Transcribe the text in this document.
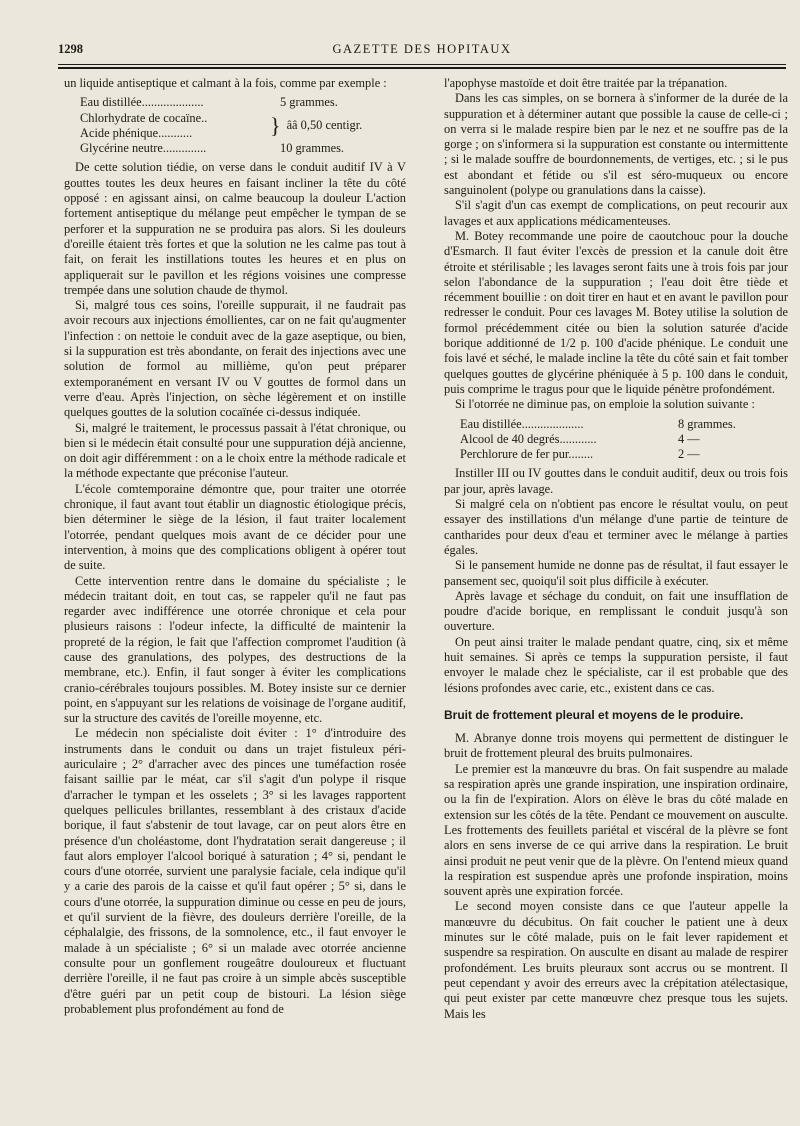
1298	GAZETTE DES HOPITAUX

un liquide antiseptique et calmant à la fois, comme par exemple :

Eau distillée....................	5 grammes.
Chlorhydrate de cocaïne..
Acide phénique...........	} ââ 0,50 centigr.
Glycérine neutre..............	10 grammes.

De cette solution tiédie, on verse dans le conduit auditif IV à V gouttes toutes les deux heures en faisant incliner la tête du côté opposé : en agissant ainsi, on calme beaucoup la douleur L'action fortement antiseptique du mélange peut empêcher le tympan de se perforer et la suppuration ne se produira pas alors. Si les douleurs d'oreille étaient très fortes et que la solution ne les calme pas tout à fait, on ferait les instillations toutes les heures et en plus on appliquerait sur le pavillon et les régions voisines une compresse trempée dans une solution chaude de thymol.

Si, malgré tous ces soins, l'oreille suppurait, il ne faudrait pas avoir recours aux injections émollientes, car on ne fait qu'augmenter l'infection : on nettoie le conduit avec de la gaze aseptique, ou bien, si la suppuration est très abondante, on ferait des injections avec une solution de formol au millième, qu'on peut préparer extemporanément en versant IV ou V gouttes de formol dans un verre d'eau. Après l'injection, on sèche légèrement et on instille quelques gouttes de la solution cocaïnée ci-dessus indiquée.

Si, malgré le traitement, le processus passait à l'état chronique, ou bien si le médecin était consulté pour une suppuration déjà ancienne, on doit agir différemment : on a le choix entre la méthode radicale et la méthode expectante que préconise l'auteur.

L'école comtemporaine démontre que, pour traiter une otorrée chronique, il faut avant tout établir un diagnostic étiologique précis, bien déterminer le siège de la lésion, il faut traiter localement l'otorrée, pendant quelques mois avant de ce décider pour une intervention, à moins que des complications obligent à opérer tout de suite.

Cette intervention rentre dans le domaine du spécialiste ; le médecin traitant doit, en tout cas, se rappeler qu'il ne faut pas regarder avec indifférence une otorrée chronique et cela pour plusieurs raisons : l'odeur infecte, la difficulté de maintenir la propreté de la région, le fait que l'affection compromet l'audition (à cause des granulations, des polypes, des destructions de la membrane, etc.). Enfin, il faut songer à éviter les complications cranio-cérébrales toujours possibles. M. Botey insiste sur ce dernier point, en s'appuyant sur les relations de voisinage de l'organe auditif, sur la structure des cavités de l'oreille moyenne, etc.

Le médecin non spécialiste doit éviter : 1° d'introduire des instruments dans le conduit ou dans un trajet fistuleux péri-auriculaire ; 2° d'arracher avec des pinces une tuméfaction rosée faisant saillie par le méat, car s'il s'agit d'un polype il risque d'arracher le tympan et les osselets ; 3° si les lavages rapportent quelques pellicules brillantes, ressemblant à des cristaux d'acide borique, il faut s'abstenir de tout lavage, car on peut alors être en présence d'un choléastome, dont l'hydratation serait dangereuse ; il faut alors employer l'alcool boriqué à saturation ; 4° si, pendant le cours d'une otorrée, survient une paralysie faciale, cela indique qu'il y a carie des parois de la caisse et qu'il faut opérer ; 5° si, dans le cours d'une otorrée, la suppuration diminue ou cesse en peu de jours, et qu'il survient de la fièvre, des douleurs derrière l'oreille, de la céphalalgie, des frissons, de la somnolence, etc., il faut envoyer le malade à un spécialiste ; 6° si un malade avec otorrée ancienne consulte pour un gonflement rougeâtre douloureux et fluctuant derrière l'oreille, il ne faut pas croire à un simple abcès susceptible d'être guéri par un petit coup de bistouri. La lésion siège probablement plus profondément au fond de

l'apophyse mastoïde et doit être traitée par la trépanation.

Dans les cas simples, on se bornera à s'informer de la durée de la suppuration et à déterminer autant que possible la cause de celle-ci ; on verra si le malade respire bien par le nez et ne souffre pas de la gorge ; on s'informera si la suppuration est constante ou intermittente ; si le malade souffre de bourdonnements, de vertiges, etc. ; si le pus est abondant et fétide ou s'il est séro-muqueux ou encore sanguinolent (polype ou granulations dans la caisse).

S'il s'agit d'un cas exempt de complications, on peut recourir aux lavages et aux applications médicamenteuses.

M. Botey recommande une poire de caoutchouc pour la douche d'Esmarch. Il faut éviter l'excès de pression et la canule doit être étroite et stérilisable ; les lavages seront faits une à trois fois par jour selon l'abondance de la suppuration ; l'eau doit être tiède et récemment bouillie : on doit tirer en haut et en avant le pavillon pour redresser le conduit. Pour ces lavages M. Botey utilise la solution de formol précédemment citée ou bien la solution saturée d'acide borique additionné de 1/2 p. 100 d'acide phénique. Le conduit une fois lavé et séché, le malade incline la tête du côté sain et fait tomber quelques gouttes de glycérine phéniquée à 5 p. 100 dans le conduit, puis comprime le tragus pour que le liquide pénètre profondément.

Si l'otorrée ne diminue pas, on emploie la solution suivante :

Eau distillée....................	8 grammes.
Alcool de 40 degrés............	4 —
Perchlorure de fer pur........	2 —

Instiller III ou IV gouttes dans le conduit auditif, deux ou trois fois par jour, après lavage.

Si malgré cela on n'obtient pas encore le résultat voulu, on peut essayer des instillations d'un mélange d'une partie de teinture de cantharides pour deux d'eau et terminer avec le mélange à parties égales.

Si le pansement humide ne donne pas de résultat, il faut essayer le pansement sec, quoiqu'il soit plus difficile à exécuter.

Après lavage et séchage du conduit, on fait une insufflation de poudre d'acide borique, en remplissant le conduit jusqu'à son ouverture.

On peut ainsi traiter le malade pendant quatre, cinq, six et même huit semaines. Si après ce temps la suppuration persiste, il faut envoyer le malade chez le spécialiste, car il est probable que des lésions profondes avec carie, etc., existent dans ce cas.

Bruit de frottement pleural et moyens de le produire.

M. Abranye donne trois moyens qui permettent de distinguer le bruit de frottement pleural des bruits pulmonaires.

Le premier est la manœuvre du bras. On fait suspendre au malade sa respiration après une grande inspiration, une inspiration ordinaire, ou la fin de l'expiration. Alors on élève le bras du côté malade en extension sur les côtés de la tête. Pendant ce mouvement on ausculte. Les frottements des feuillets pariétal et viscéral de la plèvre se font alors en sens inverse de ce qui arrive dans la respiration. Le bruit ainsi produit ne peut venir que de la plèvre. On l'entend mieux quand la respiration est suspendue après une profonde inspiration, moins souvent après une expiration forcée.

Le second moyen consiste dans ce que l'auteur appelle la manœuvre du décubitus. On fait coucher le patient une à deux minutes sur le côté malade, puis on le fait lever rapidement et suspendre sa respiration. On ausculte en disant au malade de respirer profondément. Les bruits pleuraux sont accrus ou se montrent. Il peut cependant y avoir des erreurs avec la crépitation atélectasique, qui peut exister par cette manœuvre chez presque tous les sujets. Mais les
